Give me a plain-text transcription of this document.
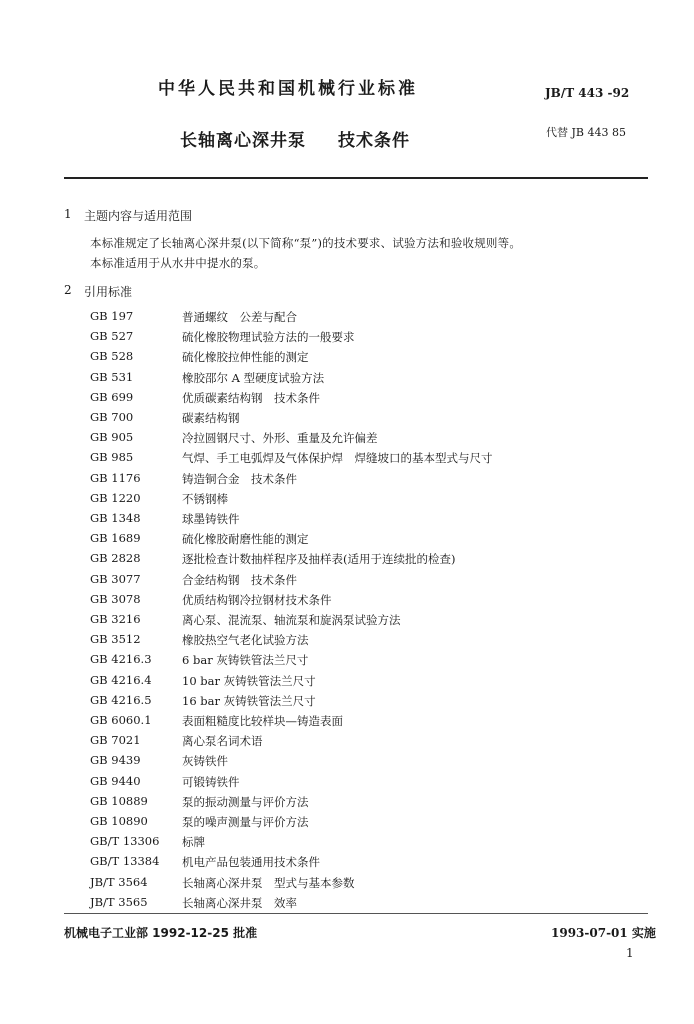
中华人民共和国机械行业标准	JB/T 443 -92
长轴离心深井泵 技术条件	代替 JB 443 85
1 主题内容与适用范围
本标准规定了长轴离心深井泵(以下简称“泵”)的技术要求、试验方法和验收规则等。
本标准适用于从水井中提水的泵。
2 引用标准
GB 197	普通螺纹　公差与配合
GB 527	硫化橡胶物理试验方法的一般要求
GB 528	硫化橡胶拉伸性能的测定
GB 531	橡胶邵尔 A 型硬度试验方法
GB 699	优质碳素结构钢　技术条件
GB 700	碳素结构钢
GB 905	冷拉圆钢尺寸、外形、重量及允许偏差
GB 985	气焊、手工电弧焊及气体保护焊　焊缝坡口的基本型式与尺寸
GB 1176	铸造铜合金　技术条件
GB 1220	不锈钢棒
GB 1348	球墨铸铁件
GB 1689	硫化橡胶耐磨性能的测定
GB 2828	逐批检查计数抽样程序及抽样表(适用于连续批的检查)
GB 3077	合金结构钢　技术条件
GB 3078	优质结构钢冷拉钢材技术条件
GB 3216	离心泵、混流泵、轴流泵和旋涡泵试验方法
GB 3512	橡胶热空气老化试验方法
GB 4216.3	6 bar 灰铸铁管法兰尺寸
GB 4216.4	10 bar 灰铸铁管法兰尺寸
GB 4216.5	16 bar 灰铸铁管法兰尺寸
GB 6060.1	表面粗糙度比较样块—铸造表面
GB 7021	离心泵名词术语
GB 9439	灰铸铁件
GB 9440	可锻铸铁件
GB 10889	泵的振动测量与评价方法
GB 10890	泵的噪声测量与评价方法
GB/T 13306 标牌
GB/T 13384 机电产品包装通用技术条件
JB/T 3564	长轴离心深井泵　型式与基本参数
JB/T 3565	长轴离心深井泵　效率
机械电子工业部 1992-12-25 批准	1993-07-01 实施
1
